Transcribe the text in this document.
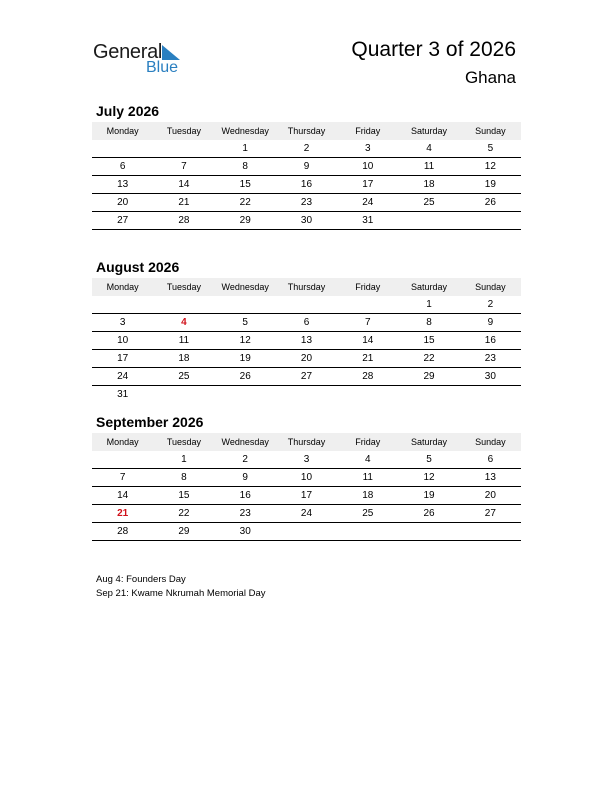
General
Blue
Quarter 3 of 2026
Ghana
July 2026
Monday	Tuesday	Wednesday	Thursday	Friday	Saturday	Sunday
		1	2	3	4	5
6	7	8	9	10	11	12
13	14	15	16	17	18	19
20	21	22	23	24	25	26
27	28	29	30	31		
August 2026
Monday	Tuesday	Wednesday	Thursday	Friday	Saturday	Sunday
					1	2
3	4	5	6	7	8	9
10	11	12	13	14	15	16
17	18	19	20	21	22	23
24	25	26	27	28	29	30
31						
September 2026
Monday	Tuesday	Wednesday	Thursday	Friday	Saturday	Sunday
	1	2	3	4	5	6
7	8	9	10	11	12	13
14	15	16	17	18	19	20
21	22	23	24	25	26	27
28	29	30				
Aug 4: Founders Day
Sep 21: Kwame Nkrumah Memorial Day
